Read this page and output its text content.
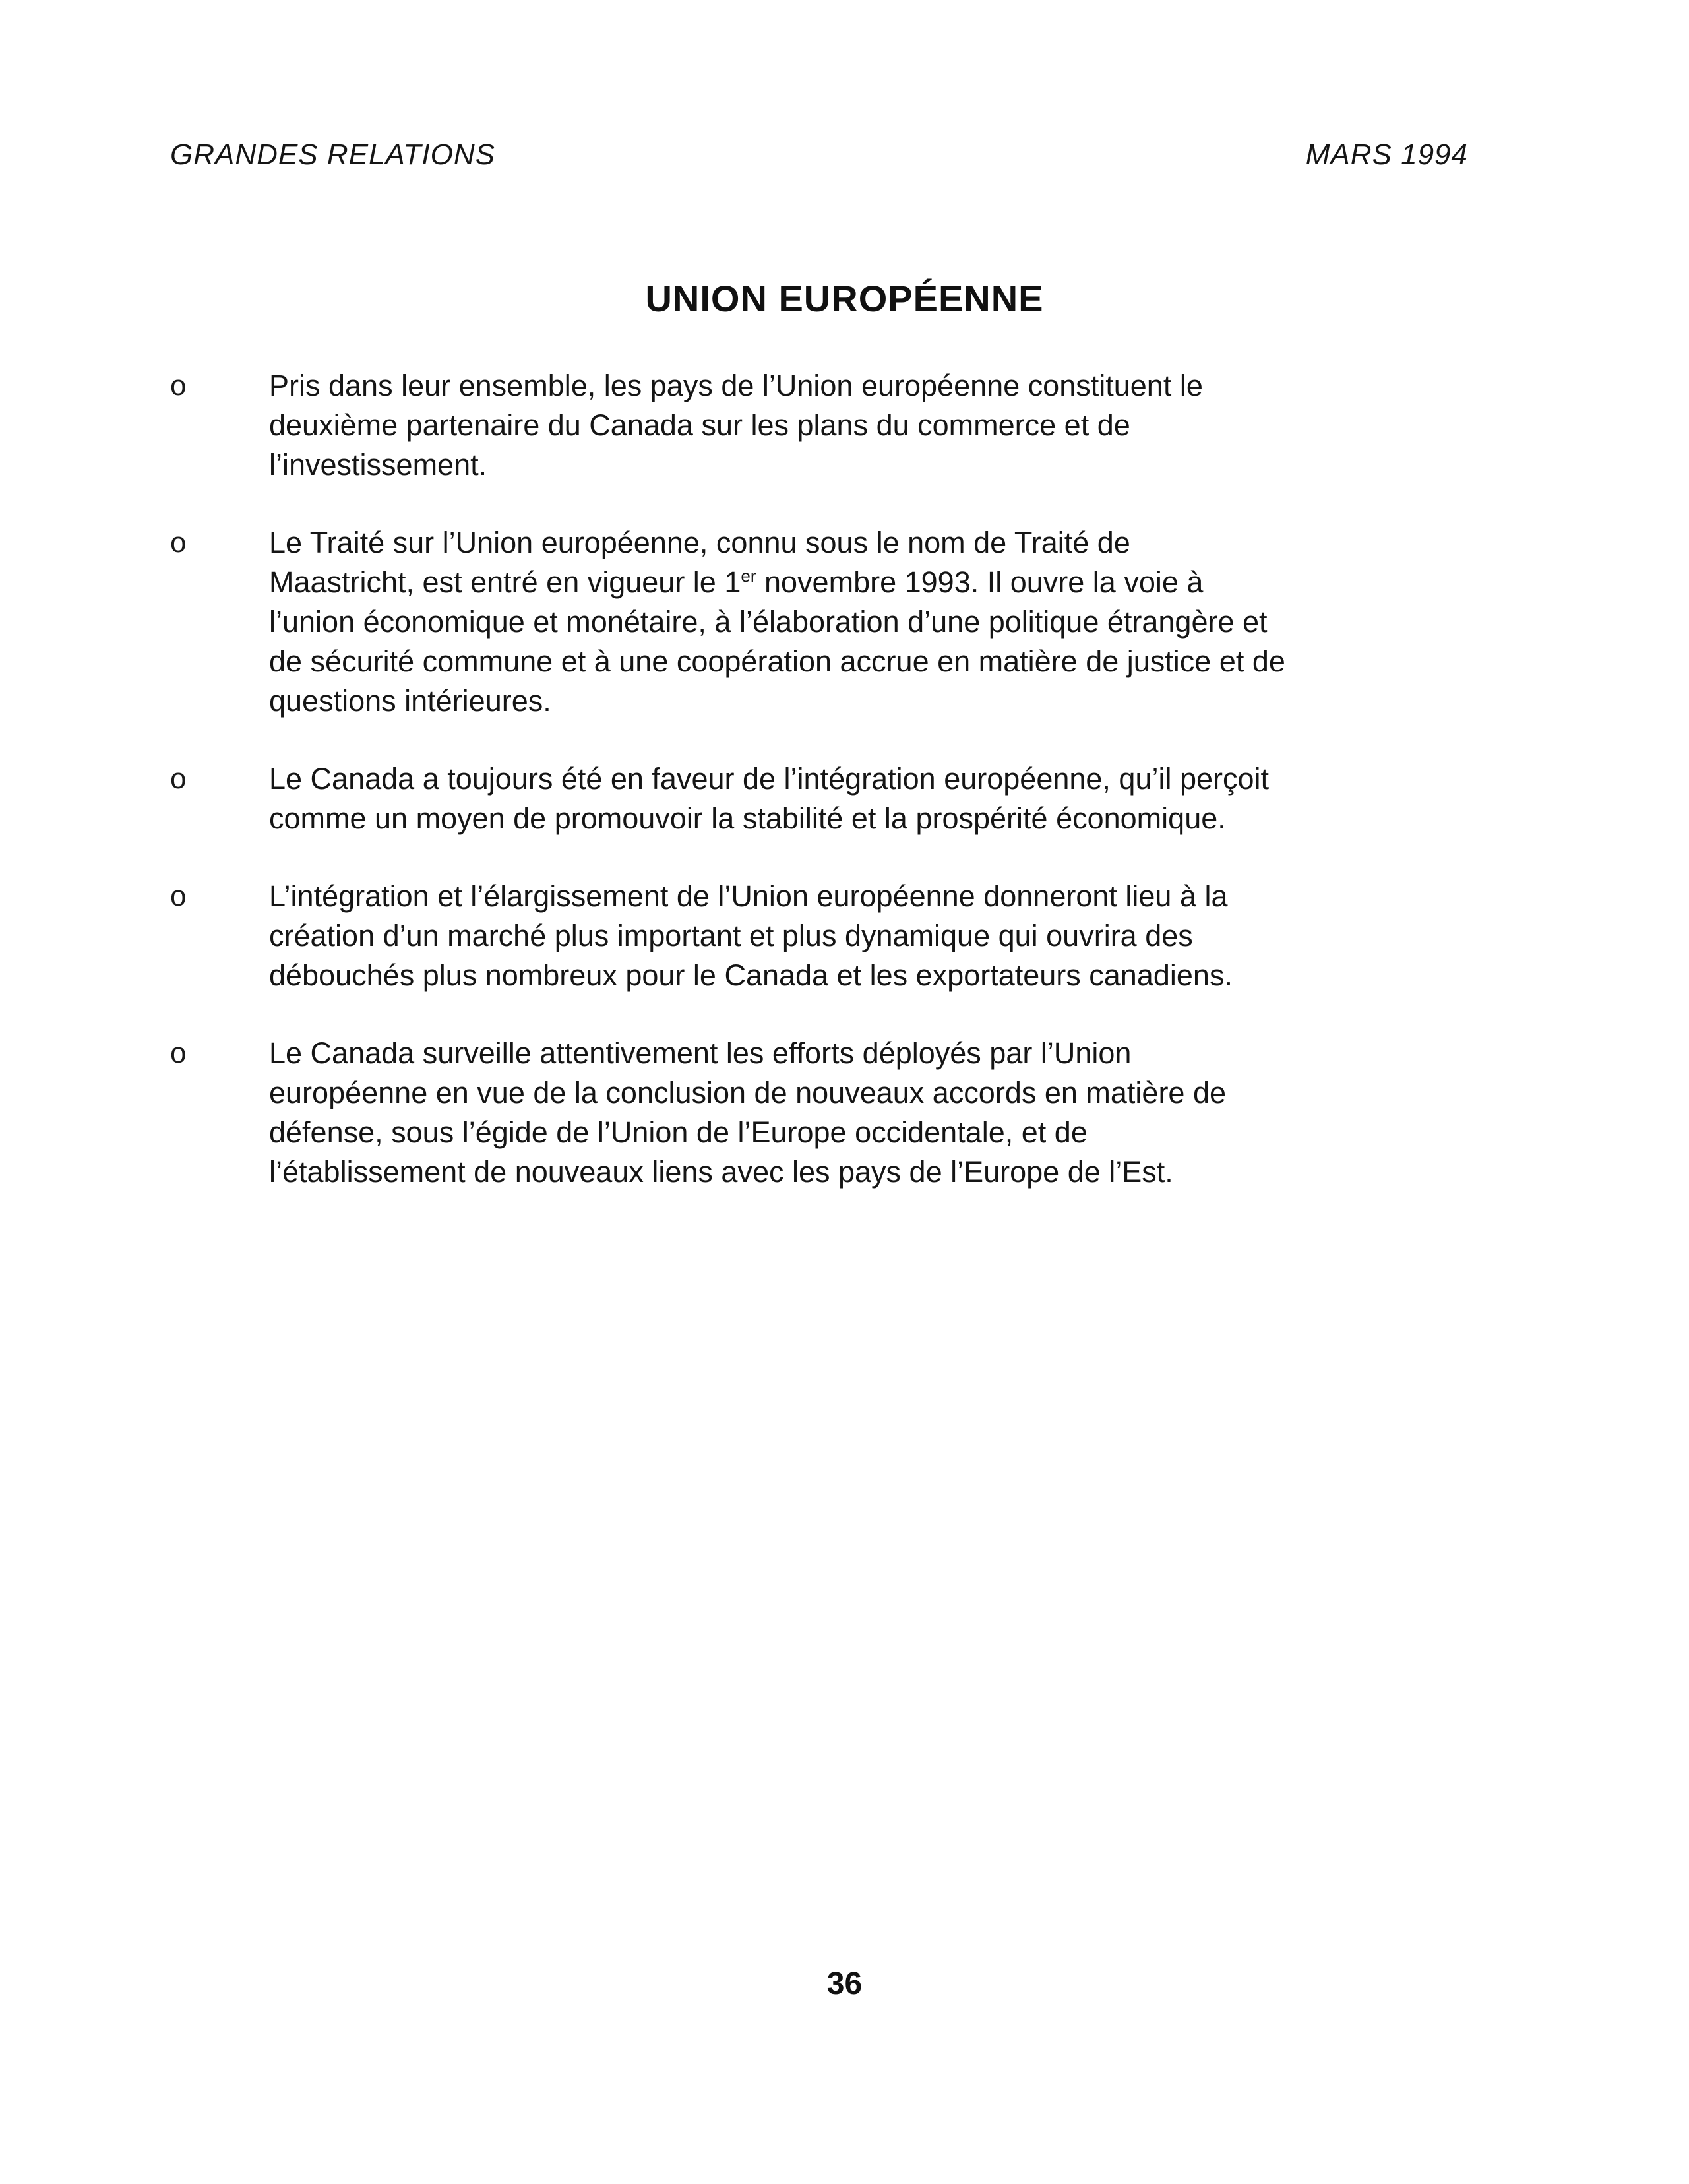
GRANDES RELATIONS	MARS 1994
UNION EUROPÉENNE
o	Pris dans leur ensemble, les pays de l’Union européenne constituent le
deuxième partenaire du Canada sur les plans du commerce et de
l’investissement.
o	Le Traité sur l’Union européenne, connu sous le nom de Traité de
Maastricht, est entré en vigueur le 1er novembre 1993. Il ouvre la voie à
l’union économique et monétaire, à l’élaboration d’une politique étrangère et
de sécurité commune et à une coopération accrue en matière de justice et de
questions intérieures.
o	Le Canada a toujours été en faveur de l’intégration européenne, qu’il perçoit
comme un moyen de promouvoir la stabilité et la prospérité économique.
o	L’intégration et l’élargissement de l’Union européenne donneront lieu à la
création d’un marché plus important et plus dynamique qui ouvrira des
débouchés plus nombreux pour le Canada et les exportateurs canadiens.
o	Le Canada surveille attentivement les efforts déployés par l’Union
européenne en vue de la conclusion de nouveaux accords en matière de
défense, sous l’égide de l’Union de l’Europe occidentale, et de
l’établissement de nouveaux liens avec les pays de l’Europe de l’Est.
36
